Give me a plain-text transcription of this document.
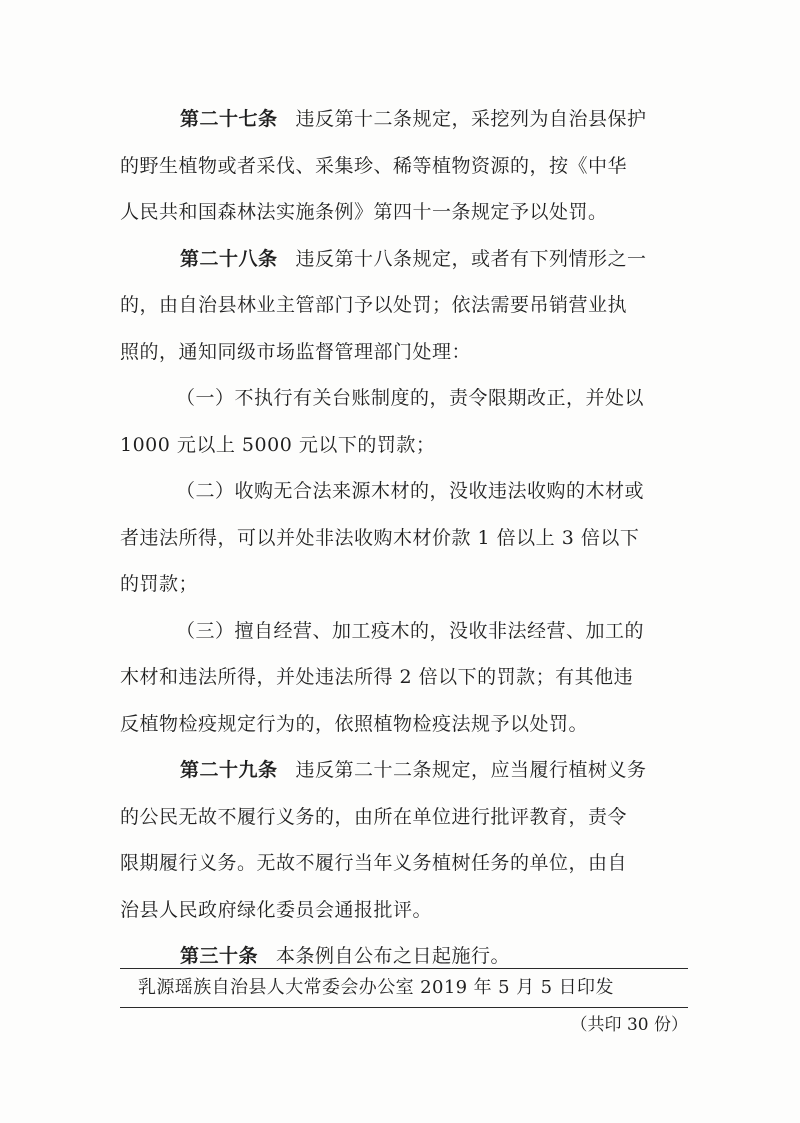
第二十七条 违反第十二条规定，采挖列为自治县保护
的野生植物或者采伐、采集珍、稀等植物资源的，按《中华
人民共和国森林法实施条例》第四十一条规定予以处罚。
第二十八条 违反第十八条规定，或者有下列情形之一
的，由自治县林业主管部门予以处罚；依法需要吊销营业执
照的，通知同级市场监督管理部门处理：
（一）不执行有关台账制度的，责令限期改正，并处以
1000 元以上 5000 元以下的罚款；
（二）收购无合法来源木材的，没收违法收购的木材或
者违法所得，可以并处非法收购木材价款 1 倍以上 3 倍以下
的罚款；
（三）擅自经营、加工疫木的，没收非法经营、加工的
木材和违法所得，并处违法所得 2 倍以下的罚款；有其他违
反植物检疫规定行为的，依照植物检疫法规予以处罚。
第二十九条 违反第二十二条规定，应当履行植树义务
的公民无故不履行义务的，由所在单位进行批评教育，责令
限期履行义务。无故不履行当年义务植树任务的单位，由自
治县人民政府绿化委员会通报批评。
第三十条 本条例自公布之日起施行。
乳源瑶族自治县人大常委会办公室 2019 年 5 月 5 日印发
（共印 30 份）
